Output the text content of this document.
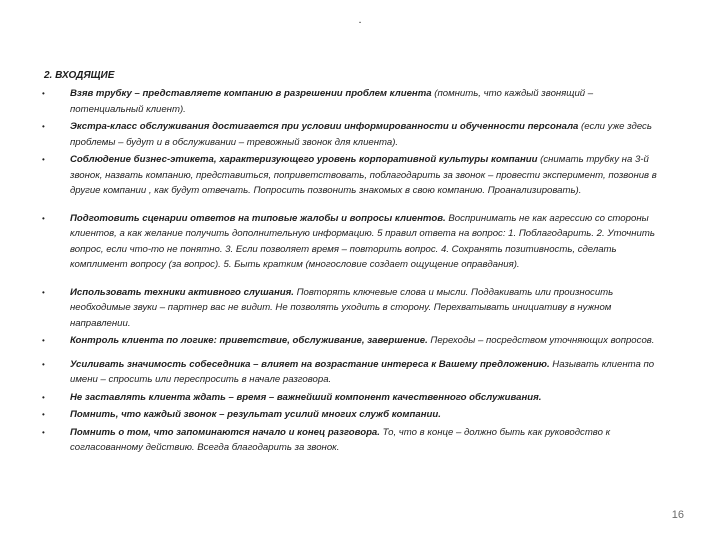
.
2. ВХОДЯЩИЕ
•	Взяв трубку – представляете компанию в разрешении проблем клиента (помнить, что каждый звонящий – потенциальный клиент).
•	Экстра-класс обслуживания достигается при условии информированности и обученности персонала (если уже здесь проблемы – будут и в обслуживании – тревожный звонок для клиента).
•	Соблюдение бизнес-этикета, характеризующего уровень корпоративной культуры компании (снимать трубку на 3-й звонок, назвать компанию, представиться, поприветствовать, поблагодарить за звонок – провести эксперимент, позвонив в другие компании , как будут отвечать. Попросить позвонить знакомых в свою компанию. Проанализировать).
•	Подготовить сценарии ответов на типовые жалобы и вопросы клиентов. Воспринимать не как агрессию со стороны клиентов, а как желание получить дополнительную информацию. 5 правил ответа на вопрос: 1. Поблагодарить. 2. Уточнить вопрос, если что-то не понятно. 3. Если позволяет время – повторить вопрос. 4. Сохранять позитивность, сделать комплимент вопросу (за вопрос). 5. Быть кратким (многословие создает ощущение оправдания).
•	Использовать техники активного слушания. Повторять ключевые слова и мысли. Поддакивать или произносить необходимые звуки – партнер вас не видит. Не позволять уходить в сторону. Перехватывать инициативу в нужном направлении.
•	Контроль клиента по логике: приветствие, обслуживание, завершение. Переходы – посредством уточняющих вопросов.
•	Усиливать значимость собеседника – влияет на возрастание интереса к Вашему предложению. Называть клиента по имени – спросить или переспросить в начале разговора.
•	Не заставлять клиента ждать – время – важнейший компонент качественного обслуживания.
•	Помнить, что каждый звонок – результат усилий многих служб компании.
•	Помнить о том, что запоминаются начало и конец разговора. То, что в конце – должно быть как руководство к согласованному действию. Всегда благодарить за звонок.
16
